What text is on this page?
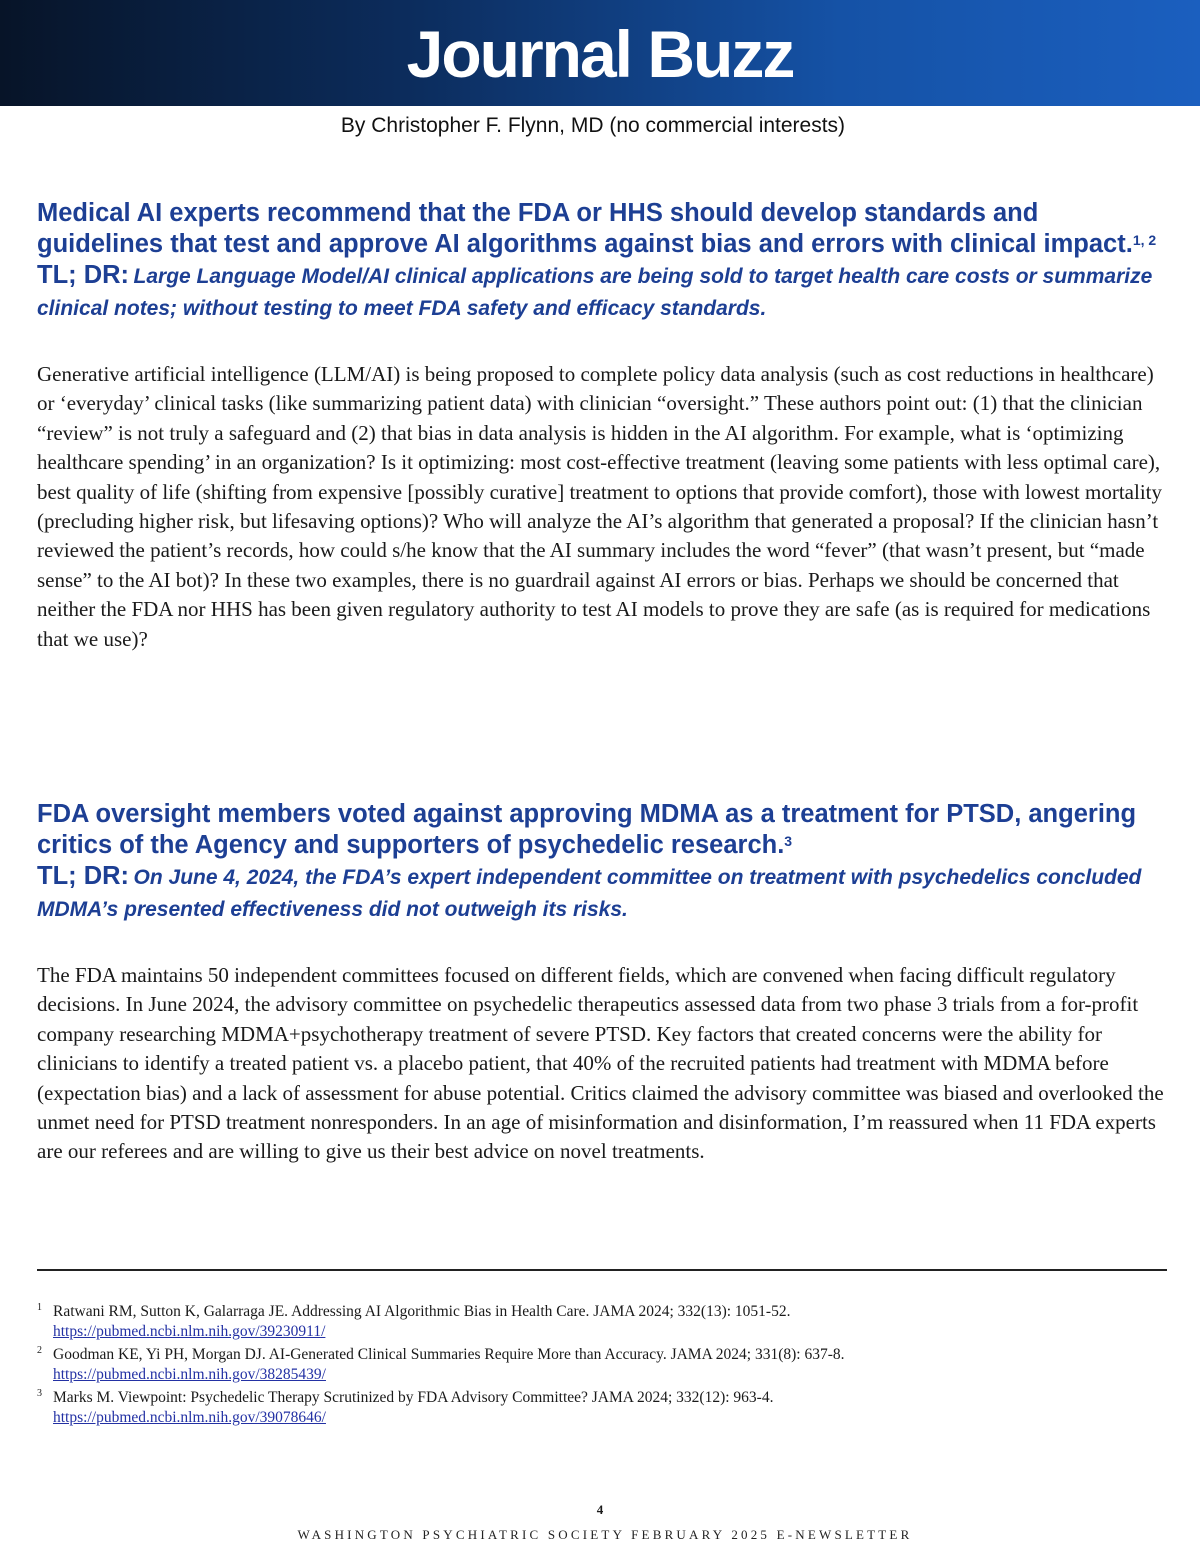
Journal Buzz
By Christopher F. Flynn, MD (no commercial interests)

Medical AI experts recommend that the FDA or HHS should develop standards and guidelines that test and approve AI algorithms against bias and errors with clinical impact.$^{1, 2}$

TL; DR: Large Language Model/AI clinical applications are being sold to target health care costs or summarize clinical notes; without testing to meet FDA safety and efficacy standards.

Generative artificial intelligence (LLM/AI) is being proposed to complete policy data analysis (such as cost reductions in healthcare) or ‘everyday’ clinical tasks (like summarizing patient data) with clinician “oversight.” These authors point out: (1) that the clinician “review” is not truly a safeguard and (2) that bias in data analysis is hidden in the AI algorithm. For example, what is ‘optimizing healthcare spending’ in an organization? Is it optimizing: most cost-effective treatment (leaving some patients with less optimal care), best quality of life (shifting from expensive [possibly curative] treatment to options that provide comfort), those with lowest mortality (precluding higher risk, but lifesaving options)? Who will analyze the AI’s algorithm that generated a proposal? If the clinician hasn’t reviewed the patient’s records, how could s/he know that the AI summary includes the word “fever” (that wasn’t present, but “made sense” to the AI bot)? In these two examples, there is no guardrail against AI errors or bias. Perhaps we should be concerned that neither the FDA nor HHS has been given regulatory authority to test AI models to prove they are safe (as is required for medications that we use)?

FDA oversight members voted against approving MDMA as a treatment for PTSD, angering critics of the Agency and supporters of psychedelic research.$^3$

TL; DR: On June 4, 2024, the FDA’s expert independent committee on treatment with psychedelics concluded MDMA’s presented effectiveness did not outweigh its risks.

The FDA maintains 50 independent committees focused on different fields, which are convened when facing difficult regulatory decisions. In June 2024, the advisory committee on psychedelic therapeutics assessed data from two phase 3 trials from a for-profit company researching MDMA+psychotherapy treatment of severe PTSD. Key factors that created concerns were the ability for clinicians to identify a treated patient vs. a placebo patient, that 40% of the recruited patients had treatment with MDMA before (expectation bias) and a lack of assessment for abuse potential. Critics claimed the advisory committee was biased and overlooked the unmet need for PTSD treatment nonresponders. In an age of misinformation and disinformation, I’m reassured when 11 FDA experts are our referees and are willing to give us their best advice on novel treatments.

1 Ratwani RM, Sutton K, Galarraga JE. Addressing AI Algorithmic Bias in Health Care. JAMA 2024; 332(13): 1051-52.
https://pubmed.ncbi.nlm.nih.gov/39230911/
2 Goodman KE, Yi PH, Morgan DJ. AI-Generated Clinical Summaries Require More than Accuracy. JAMA 2024; 331(8): 637-8.
https://pubmed.ncbi.nlm.nih.gov/38285439/
3 Marks M. Viewpoint: Psychedelic Therapy Scrutinized by FDA Advisory Committee? JAMA 2024; 332(12): 963-4.
https://pubmed.ncbi.nlm.nih.gov/39078646/
4
WASHINGTON PSYCHIATRIC SOCIETY FEBRUARY 2025 E-NEWSLETTER
